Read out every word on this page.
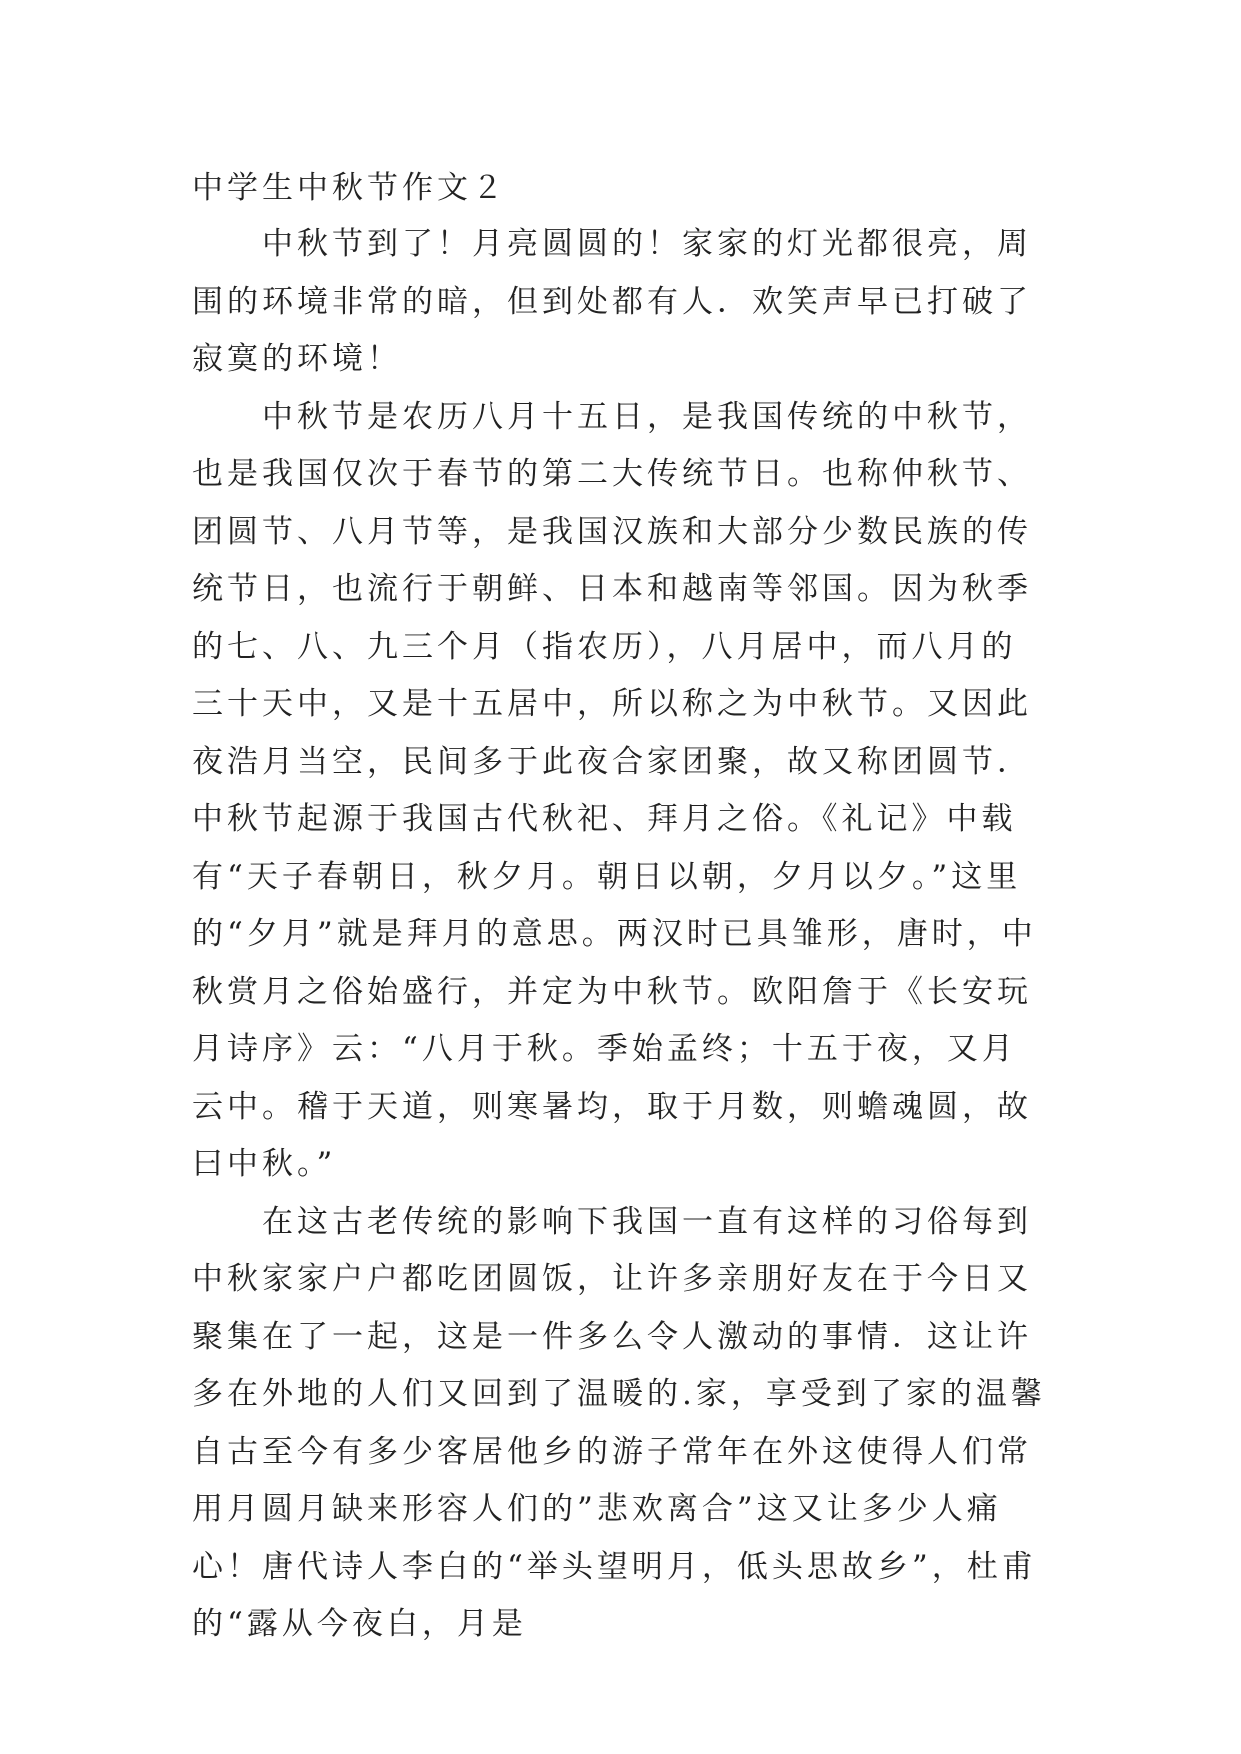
中学生中秋节作文２

中秋节到了！月亮圆圆的！家家的灯光都很亮，周围的环境非常的暗，但到处都有人．欢笑声早已打破了寂寞的环境！

中秋节是农历八月十五日，是我国传统的中秋节，也是我国仅次于春节的第二大传统节日。也称仲秋节、团圆节、八月节等，是我国汉族和大部分少数民族的传统节日，也流行于朝鲜、日本和越南等邻国。因为秋季的七、八、九三个月（指农历），八月居中，而八月的三十天中，又是十五居中，所以称之为中秋节。又因此夜浩月当空，民间多于此夜合家团聚，故又称团圆节．中秋节起源于我国古代秋祀、拜月之俗。《礼记》中载有“天子春朝日，秋夕月。朝日以朝，夕月以夕。”这里的“夕月”就是拜月的意思。两汉时已具雏形，唐时，中秋赏月之俗始盛行，并定为中秋节。欧阳詹于《长安玩月诗序》云：“八月于秋。季始孟终；十五于夜，又月云中。稽于天道，则寒暑均，取于月数，则蟾魂圆，故曰中秋。”

在这古老传统的影响下我国一直有这样的习俗每到中秋家家户户都吃团圆饭，让许多亲朋好友在于今日又聚集在了一起，这是一件多么令人激动的事情．这让许多在外地的人们又回到了温暖的.家，享受到了家的温馨自古至今有多少客居他乡的游子常年在外这使得人们常用月圆月缺来形容人们的”悲欢离合”这又让多少人痛心！唐代诗人李白的“举头望明月，低头思故乡”，杜甫的“露从今夜白，月是
